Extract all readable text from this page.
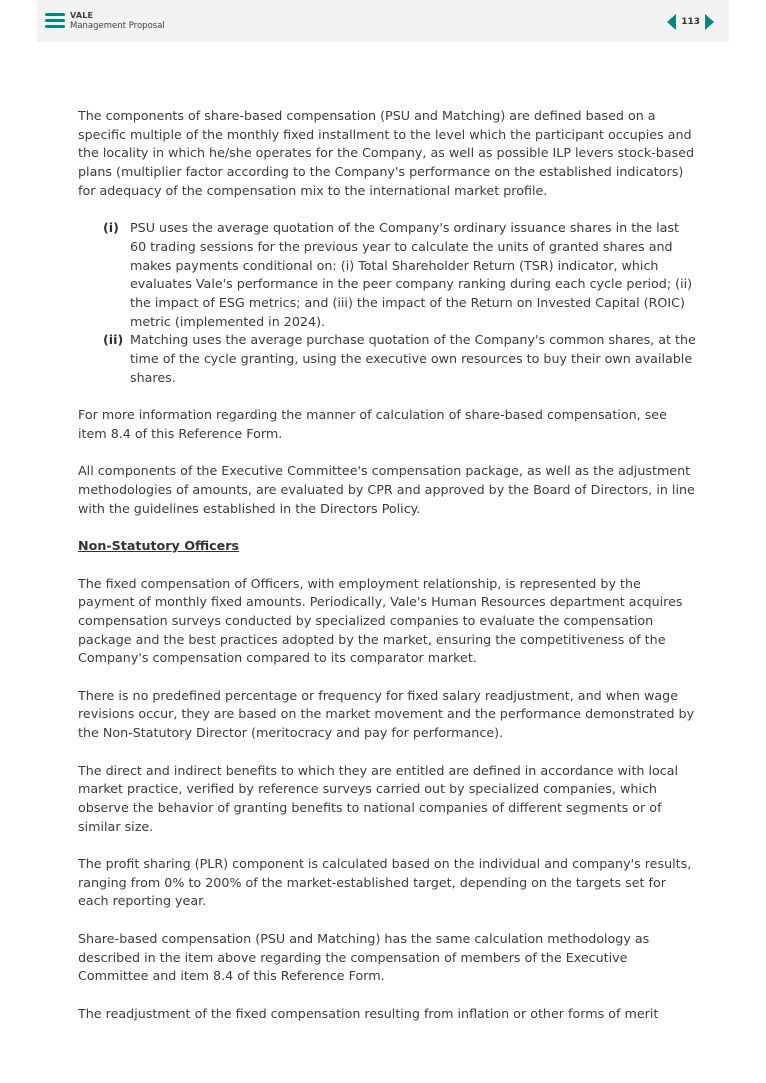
VALE
Management Proposal	113

The components of share-based compensation (PSU and Matching) are defined based on a specific multiple of the monthly fixed installment to the level which the participant occupies and the locality in which he/she operates for the Company, as well as possible ILP levers stock-based plans (multiplier factor according to the Company's performance on the established indicators) for adequacy of the compensation mix to the international market profile.

(i) PSU uses the average quotation of the Company's ordinary issuance shares in the last 60 trading sessions for the previous year to calculate the units of granted shares and makes payments conditional on: (i) Total Shareholder Return (TSR) indicator, which evaluates Vale's performance in the peer company ranking during each cycle period; (ii) the impact of ESG metrics; and (iii) the impact of the Return on Invested Capital (ROIC) metric (implemented in 2024).
(ii) Matching uses the average purchase quotation of the Company's common shares, at the time of the cycle granting, using the executive own resources to buy their own available shares.

For more information regarding the manner of calculation of share-based compensation, see item 8.4 of this Reference Form.

All components of the Executive Committee's compensation package, as well as the adjustment methodologies of amounts, are evaluated by CPR and approved by the Board of Directors, in line with the guidelines established in the Directors Policy.

Non-Statutory Officers

The fixed compensation of Officers, with employment relationship, is represented by the payment of monthly fixed amounts. Periodically, Vale's Human Resources department acquires compensation surveys conducted by specialized companies to evaluate the compensation package and the best practices adopted by the market, ensuring the competitiveness of the Company's compensation compared to its comparator market.

There is no predefined percentage or frequency for fixed salary readjustment, and when wage revisions occur, they are based on the market movement and the performance demonstrated by the Non-Statutory Director (meritocracy and pay for performance).

The direct and indirect benefits to which they are entitled are defined in accordance with local market practice, verified by reference surveys carried out by specialized companies, which observe the behavior of granting benefits to national companies of different segments or of similar size.

The profit sharing (PLR) component is calculated based on the individual and company's results, ranging from 0% to 200% of the market-established target, depending on the targets set for each reporting year.

Share-based compensation (PSU and Matching) has the same calculation methodology as described in the item above regarding the compensation of members of the Executive Committee and item 8.4 of this Reference Form.

The readjustment of the fixed compensation resulting from inflation or other forms of merit
